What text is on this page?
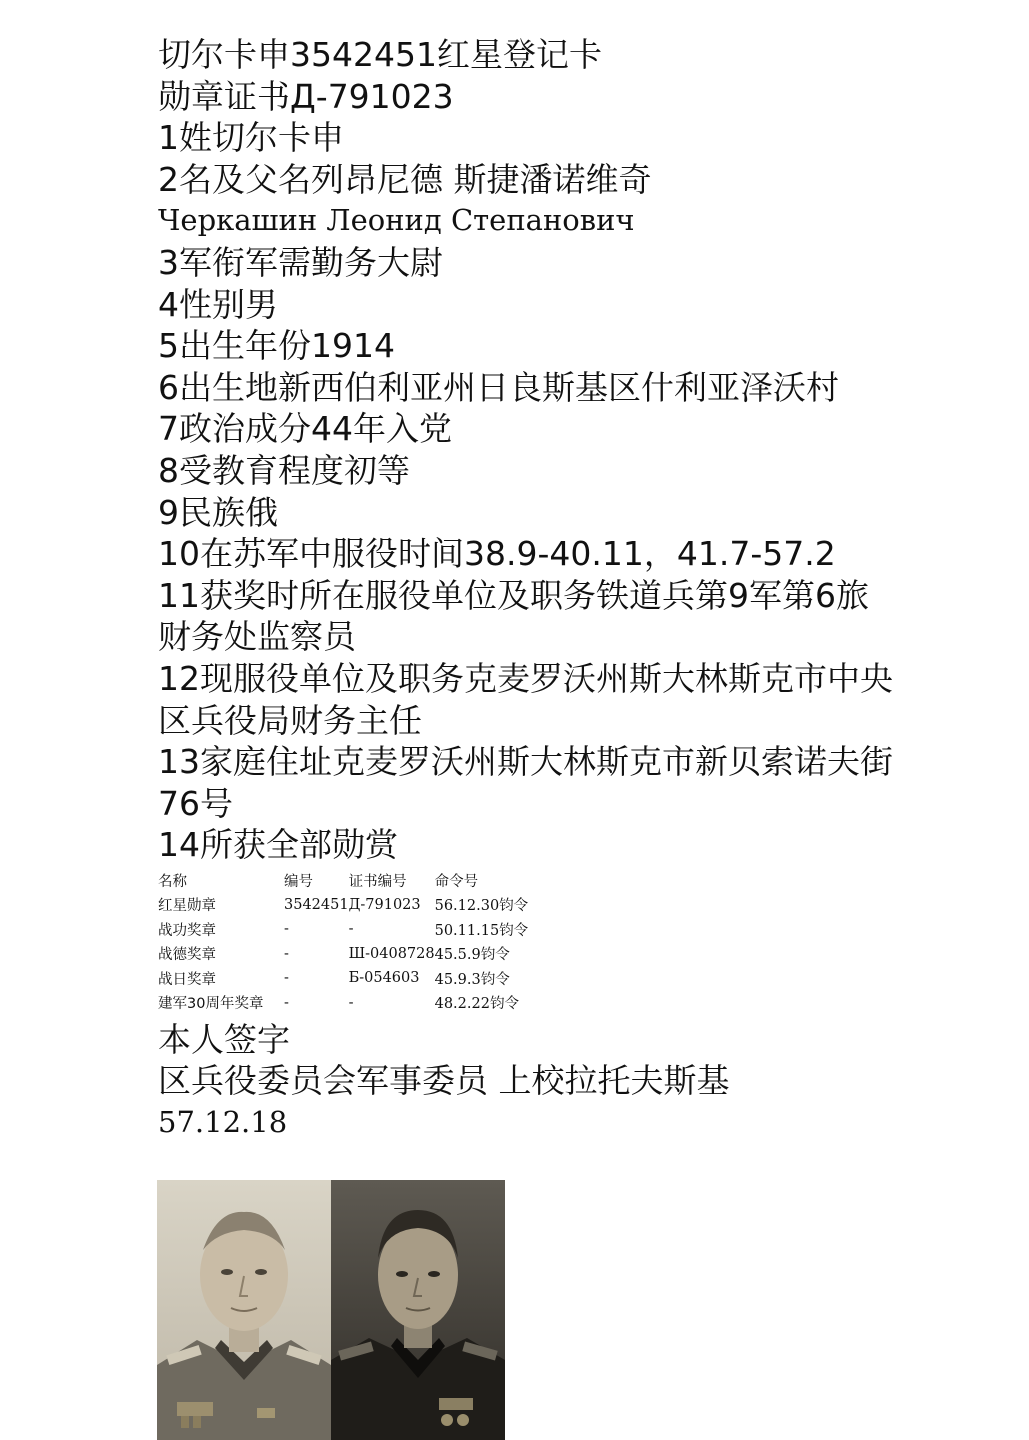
切尔卡申3542451红星登记卡
勋章证书Д-791023
1姓切尔卡申
2名及父名列昂尼德 斯捷潘诺维奇
Черкашин Леонид Степанович
3军衔军需勤务大尉
4性别男
5出生年份1914
6出生地新西伯利亚州日良斯基区什利亚泽沃村
7政治成分44年入党
8受教育程度初等
9民族俄
10在苏军中服役时间38.9-40.11，41.7-57.2
11获奖时所在服役单位及职务铁道兵第9军第6旅财务处监察员
12现服役单位及职务克麦罗沃州斯大林斯克市中央区兵役局财务主任
13家庭住址克麦罗沃州斯大林斯克市新贝索诺夫街76号
14所获全部勋赏
名称	编号	证书编号	命令号
红星勋章	3542451	Д-791023	56.12.30钧令
战功奖章	-	-	50.11.15钧令
战德奖章	-	Ш-0408728	45.5.9钧令
战日奖章	-	Б-054603	45.9.3钧令
建军30周年奖章	-	-	48.2.22钧令
本人签字
区兵役委员会军事委员 上校拉托夫斯基
57.12.18
